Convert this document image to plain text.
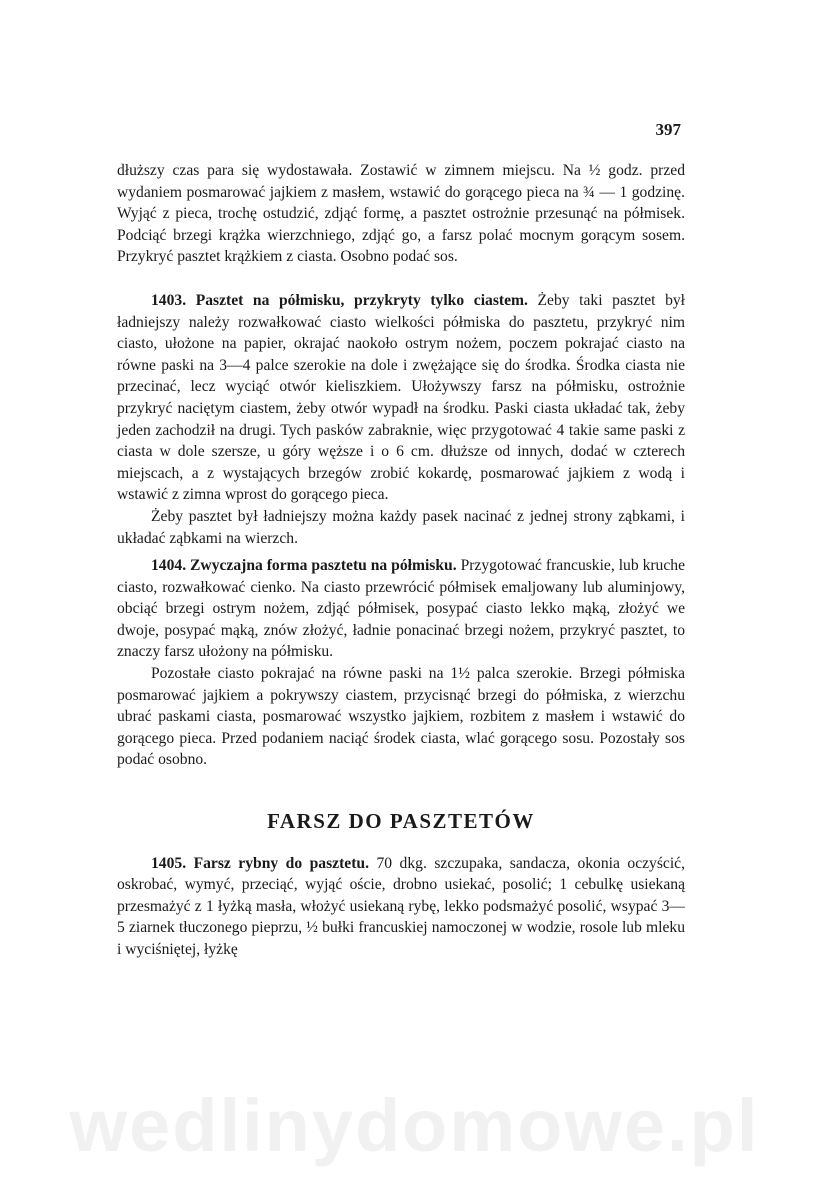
397

dłuższy czas para się wydostawała. Zostawić w zimnem miejscu. Na ½ godz. przed wydaniem posmarować jajkiem z masłem, wstawić do gorącego pieca na ¾ — 1 godzinę. Wyjąć z pieca, trochę ostudzić, zdjąć formę, a pasztet ostrożnie przesunąć na półmisek. Podciąć brzegi krążka wierzchniego, zdjąć go, a farsz polać mocnym gorącym sosem. Przykryć pasztet krążkiem z ciasta. Osobno podać sos.

1403. Pasztet na półmisku, przykryty tylko ciastem. Żeby taki pasztet był ładniejszy należy rozwałkować ciasto wielkości półmiska do pasztetu, przykryć nim ciasto, ułożone na papier, okrajać naokoło ostrym nożem, poczem pokrajać ciasto na równe paski na 3—4 palce szerokie na dole i zwężające się do środka. Środka ciasta nie przecinać, lecz wyciąć otwór kieliszkiem. Ułożywszy farsz na półmisku, ostrożnie przykryć naciętym ciastem, żeby otwór wypadł na środku. Paski ciasta układać tak, żeby jeden zachodził na drugi. Tych pasków zabraknie, więc przygotować 4 takie same paski z ciasta w dole szersze, u góry węższe i o 6 cm. dłuższe od innych, dodać w czterech miejscach, a z wystających brzegów zrobić kokardę, posmarować jajkiem z wodą i wstawić z zimna wprost do gorącego pieca.

Żeby pasztet był ładniejszy można każdy pasek nacinać z jednej strony ząbkami, i układać ząbkami na wierzch.

1404. Zwyczajna forma pasztetu na półmisku. Przygotować francuskie, lub kruche ciasto, rozwałkować cienko. Na ciasto przewrócić półmisek emaljowany lub aluminjowy, obciąć brzegi ostrym nożem, zdjąć półmisek, posypać ciasto lekko mąką, złożyć we dwoje, posypać mąką, znów złożyć, ładnie ponacinać brzegi nożem, przykryć pasztet, to znaczy farsz ułożony na półmisku.

Pozostałe ciasto pokrajać na równe paski na 1½ palca szerokie. Brzegi półmiska posmarować jajkiem a pokrywszy ciastem, przycisnąć brzegi do półmiska, z wierzchu ubrać paskami ciasta, posmarować wszystko jajkiem, rozbitem z masłem i wstawić do gorącego pieca. Przed podaniem naciąć środek ciasta, wlać gorącego sosu. Pozostały sos podać osobno.

FARSZ DO PASZTETÓW

1405. Farsz rybny do pasztetu. 70 dkg. szczupaka, sandacza, okonia oczyścić, oskrobać, wymyć, przeciąć, wyjąć oście, drobno usiekać, posolić; 1 cebulkę usiekaną przesmażyć z 1 łyżką masła, włożyć usiekaną rybę, lekko podsmażyć posolić, wsypać 3—5 ziarnek tłuczonego pieprzu, ½ bułki francuskiej namoczonej w wodzie, rosole lub mleku i wyciśniętej, łyżkę

wedlinydomowe.pl
